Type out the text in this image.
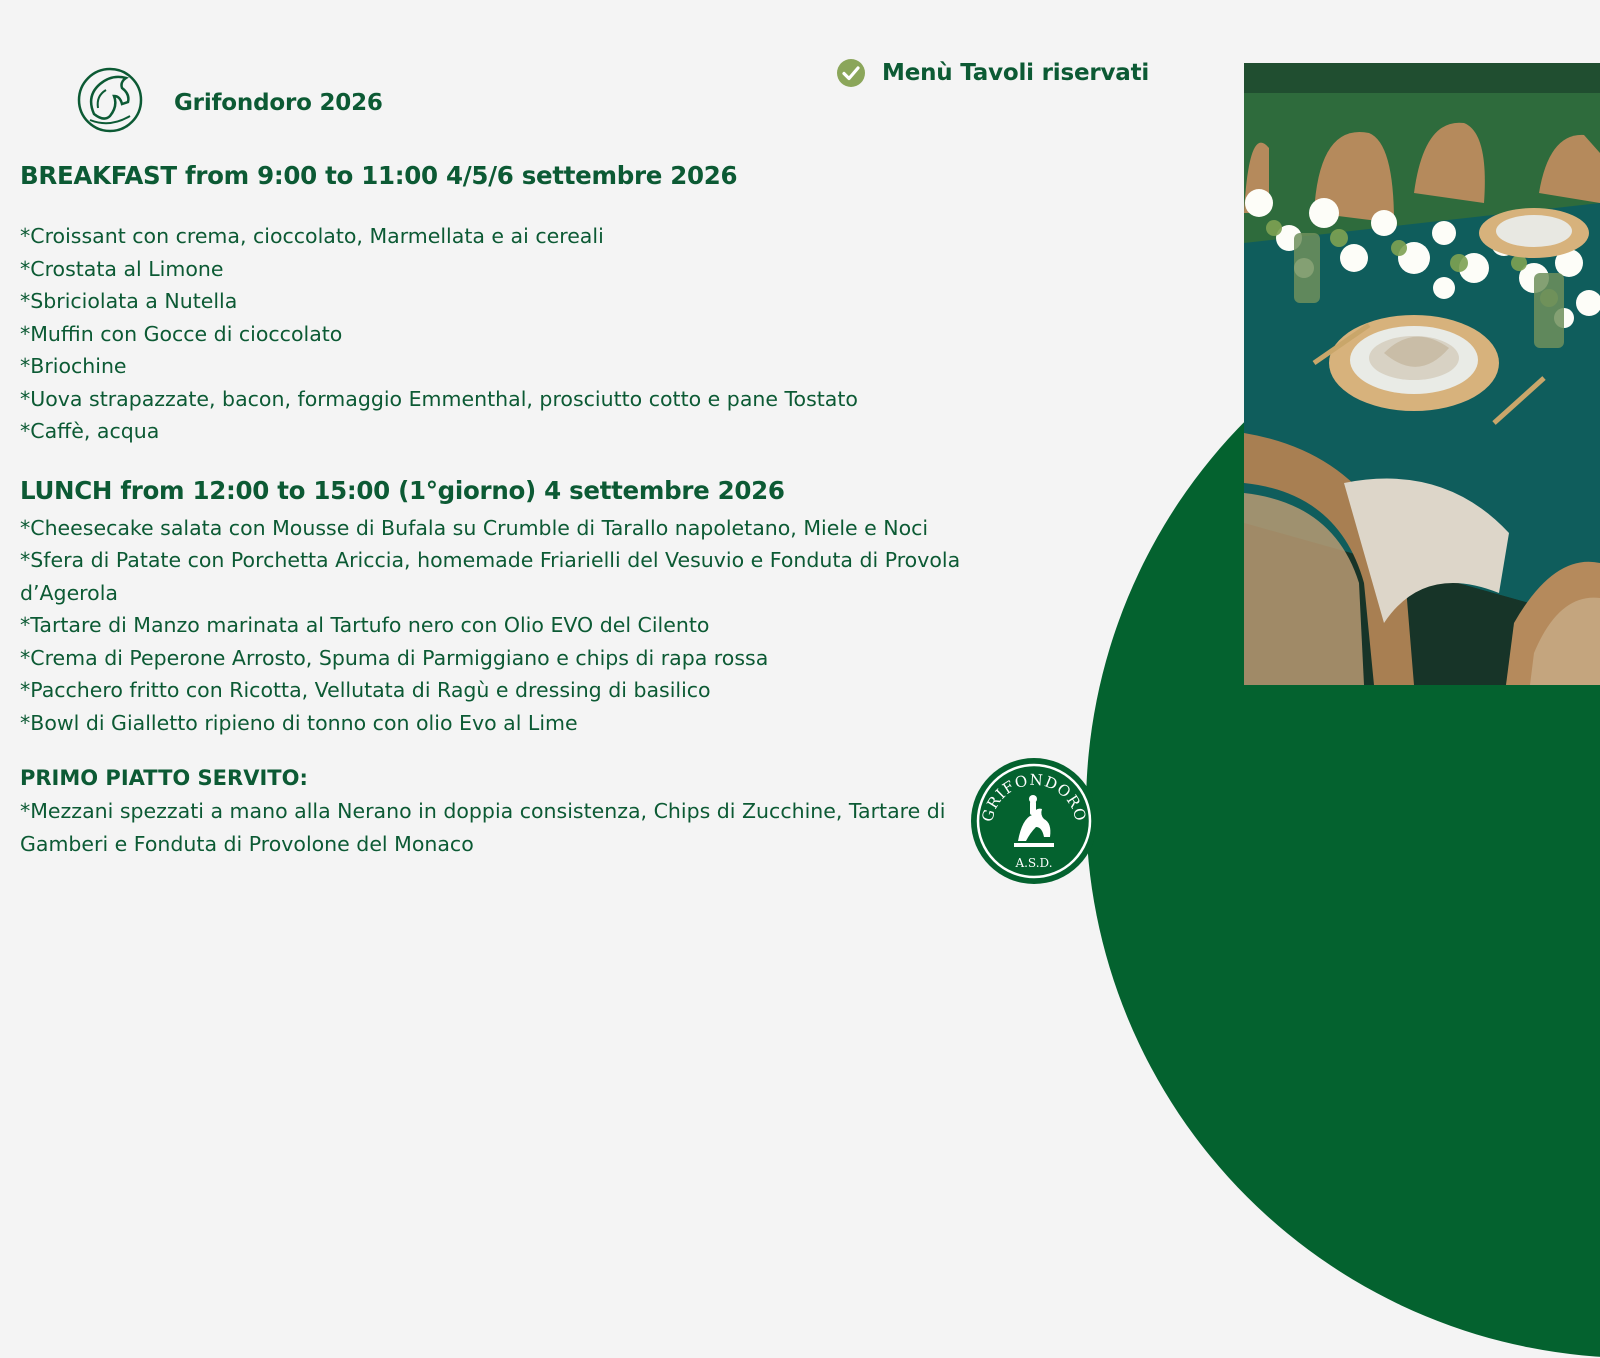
Grifondoro 2026
Menù Tavoli riservati
BREAKFAST from 9:00 to 11:00 4/5/6 settembre 2026
*Croissant con crema, cioccolato, Marmellata e ai cereali
*Crostata al Limone
*Sbriciolata a Nutella
*Muffin con Gocce di cioccolato
*Briochine
*Uova strapazzate, bacon, formaggio Emmenthal, prosciutto cotto e pane Tostato
*Caffè, acqua
LUNCH from 12:00 to 15:00 (1°giorno) 4 settembre 2026
*Cheesecake salata con Mousse di Bufala su Crumble di Tarallo napoletano, Miele e Noci
*Sfera di Patate con Porchetta Ariccia, homemade Friarielli del Vesuvio e Fonduta di Provola d’Agerola
*Tartare di Manzo marinata al Tartufo nero con Olio EVO del Cilento
*Crema di Peperone Arrosto, Spuma di Parmiggiano e chips di rapa rossa
*Pacchero fritto con Ricotta, Vellutata di Ragù e dressing di basilico
*Bowl di Gialletto ripieno di tonno con olio Evo al Lime
PRIMO PIATTO SERVITO:
*Mezzani spezzati a mano alla Nerano in doppia consistenza, Chips di Zucchine, Tartare di Gamberi e Fonduta di Provolone del Monaco
GRIFONDORO
A.S.D.
